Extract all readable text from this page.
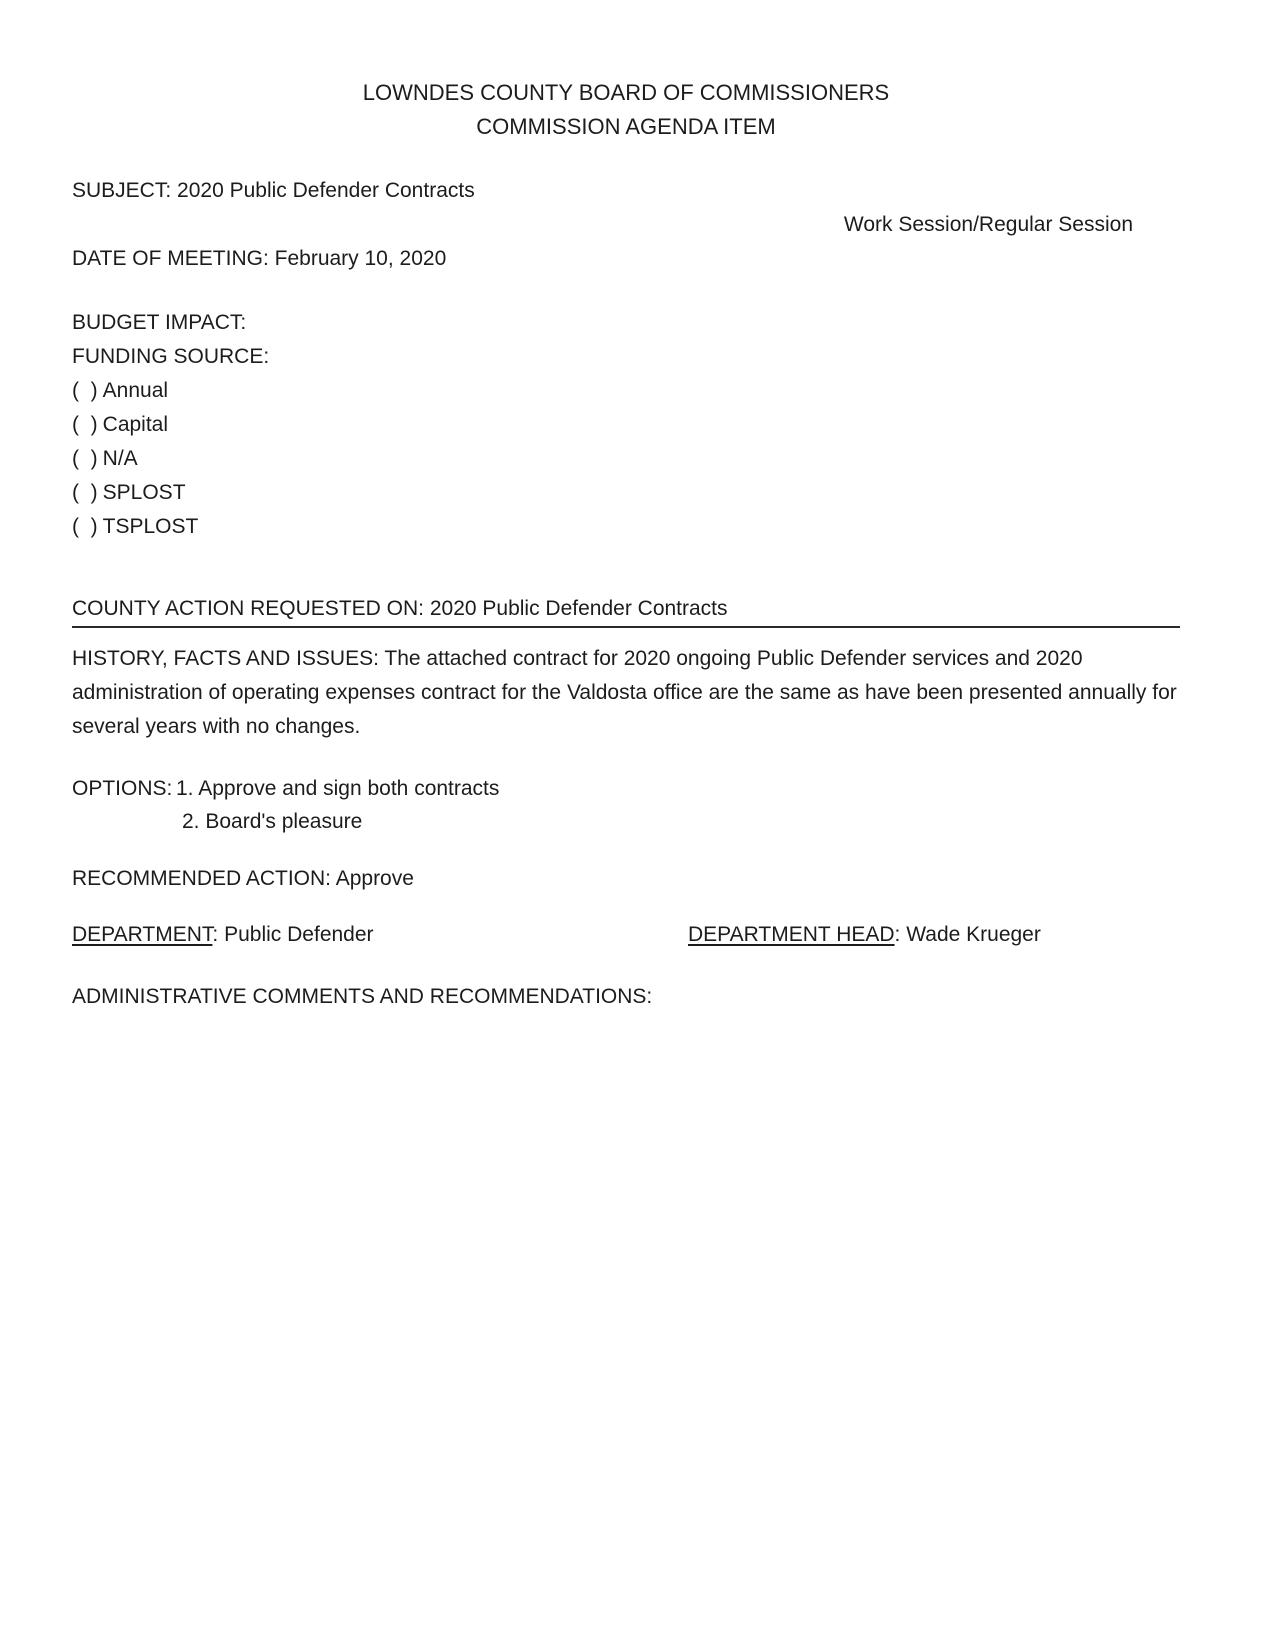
LOWNDES COUNTY BOARD OF COMMISSIONERS
COMMISSION AGENDA ITEM
SUBJECT: 2020 Public Defender Contracts
Work Session/Regular Session
DATE OF MEETING: February 10, 2020
BUDGET IMPACT:
FUNDING SOURCE:
(  ) Annual
(  ) Capital
(  ) N/A
(  ) SPLOST
(  ) TSPLOST
COUNTY ACTION REQUESTED ON: 2020 Public Defender Contracts
HISTORY, FACTS AND ISSUES: The attached contract for 2020 ongoing Public Defender services and 2020 administration of operating expenses contract for the Valdosta office are the same as have been presented annually for several years with no changes.
OPTIONS: 1. Approve and sign both contracts
2. Board's pleasure
RECOMMENDED ACTION: Approve
DEPARTMENT: Public Defender	DEPARTMENT HEAD: Wade Krueger
ADMINISTRATIVE COMMENTS AND RECOMMENDATIONS:
